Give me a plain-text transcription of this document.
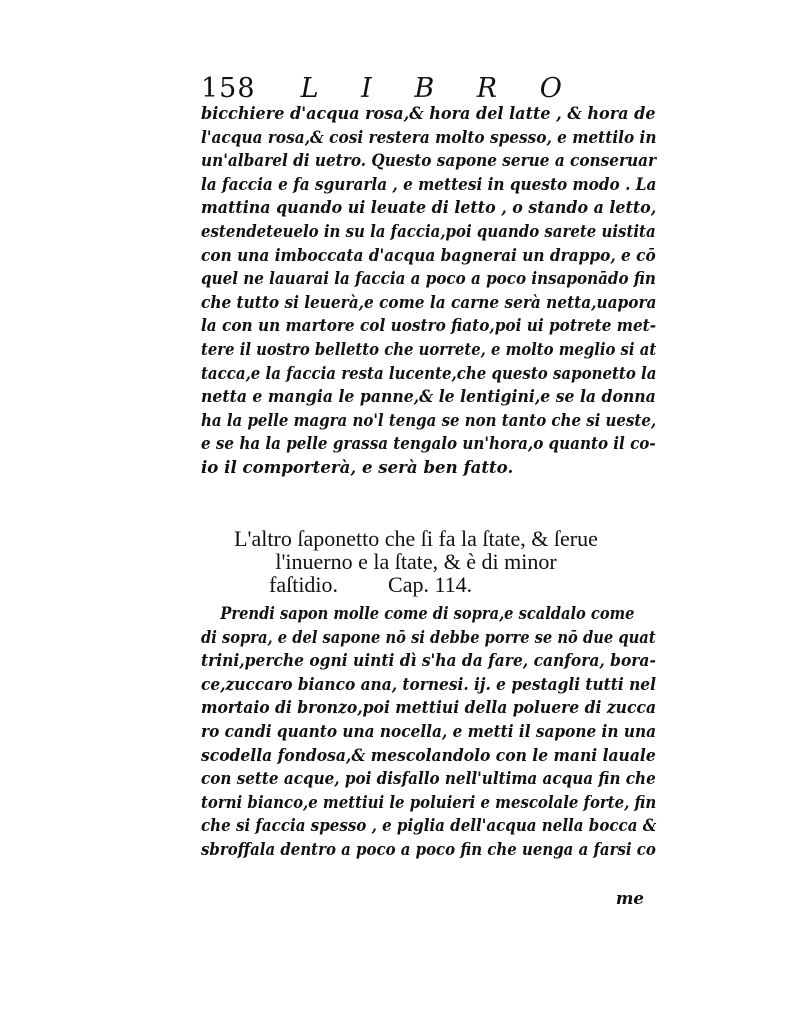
158 L I B R O
bicchiere d'acqua rosa,& hora del latte , & hora de
l'acqua rosa,& cosi restera molto spesso, e mettilo in
un'albarel di uetro. Questo sapone serue a conseruar
la faccia e fa sgurarla , e mettesi in questo modo . La
mattina quando ui leuate di letto , o stando a letto,
estendeteuelo in su la faccia,poi quando sarete uistita
con una imboccata d'acqua bagnerai un drappo, e cō
quel ne lauarai la faccia a poco a poco insaponādo fin
che tutto si leuerà,e come la carne serà netta,uapora
la con un martore col uostro fiato,poi ui potrete met-
tere il uostro belletto che uorrete, e molto meglio si at
tacca,e la faccia resta lucente,che questo saponetto la
netta e mangia le panne,& le lentigini,e se la donna
ha la pelle magra no'l tenga se non tanto che si ueste,
e se ha la pelle grassa tengalo un'hora,o quanto il co-
io il comporterà, e serà ben fatto.
L'altro ſaponetto che ſi fa la ſtate, & ſerue
l'inuerno e la ſtate, & è di minor
faſtidio. Cap. 114.
Prendi sapon molle come di sopra,e scaldalo come
di sopra, e del sapone nō si debbe porre se nō due quat
trini,perche ogni uinti dì s'ha da fare, canfora, bora-
ce,zuccaro bianco ana, tornesi. ij. e pestagli tutti nel
mortaio di bronzo,poi mettiui della poluere di zucca
ro candi quanto una nocella, e metti il sapone in una
scodella fondosa,& mescolandolo con le mani lauale
con sette acque, poi disfallo nell'ultima acqua fin che
torni bianco,e mettiui le poluieri e mescolale forte, fin
che si faccia spesso , e piglia dell'acqua nella bocca &
sbroffala dentro a poco a poco fin che uenga a farsi co
me
